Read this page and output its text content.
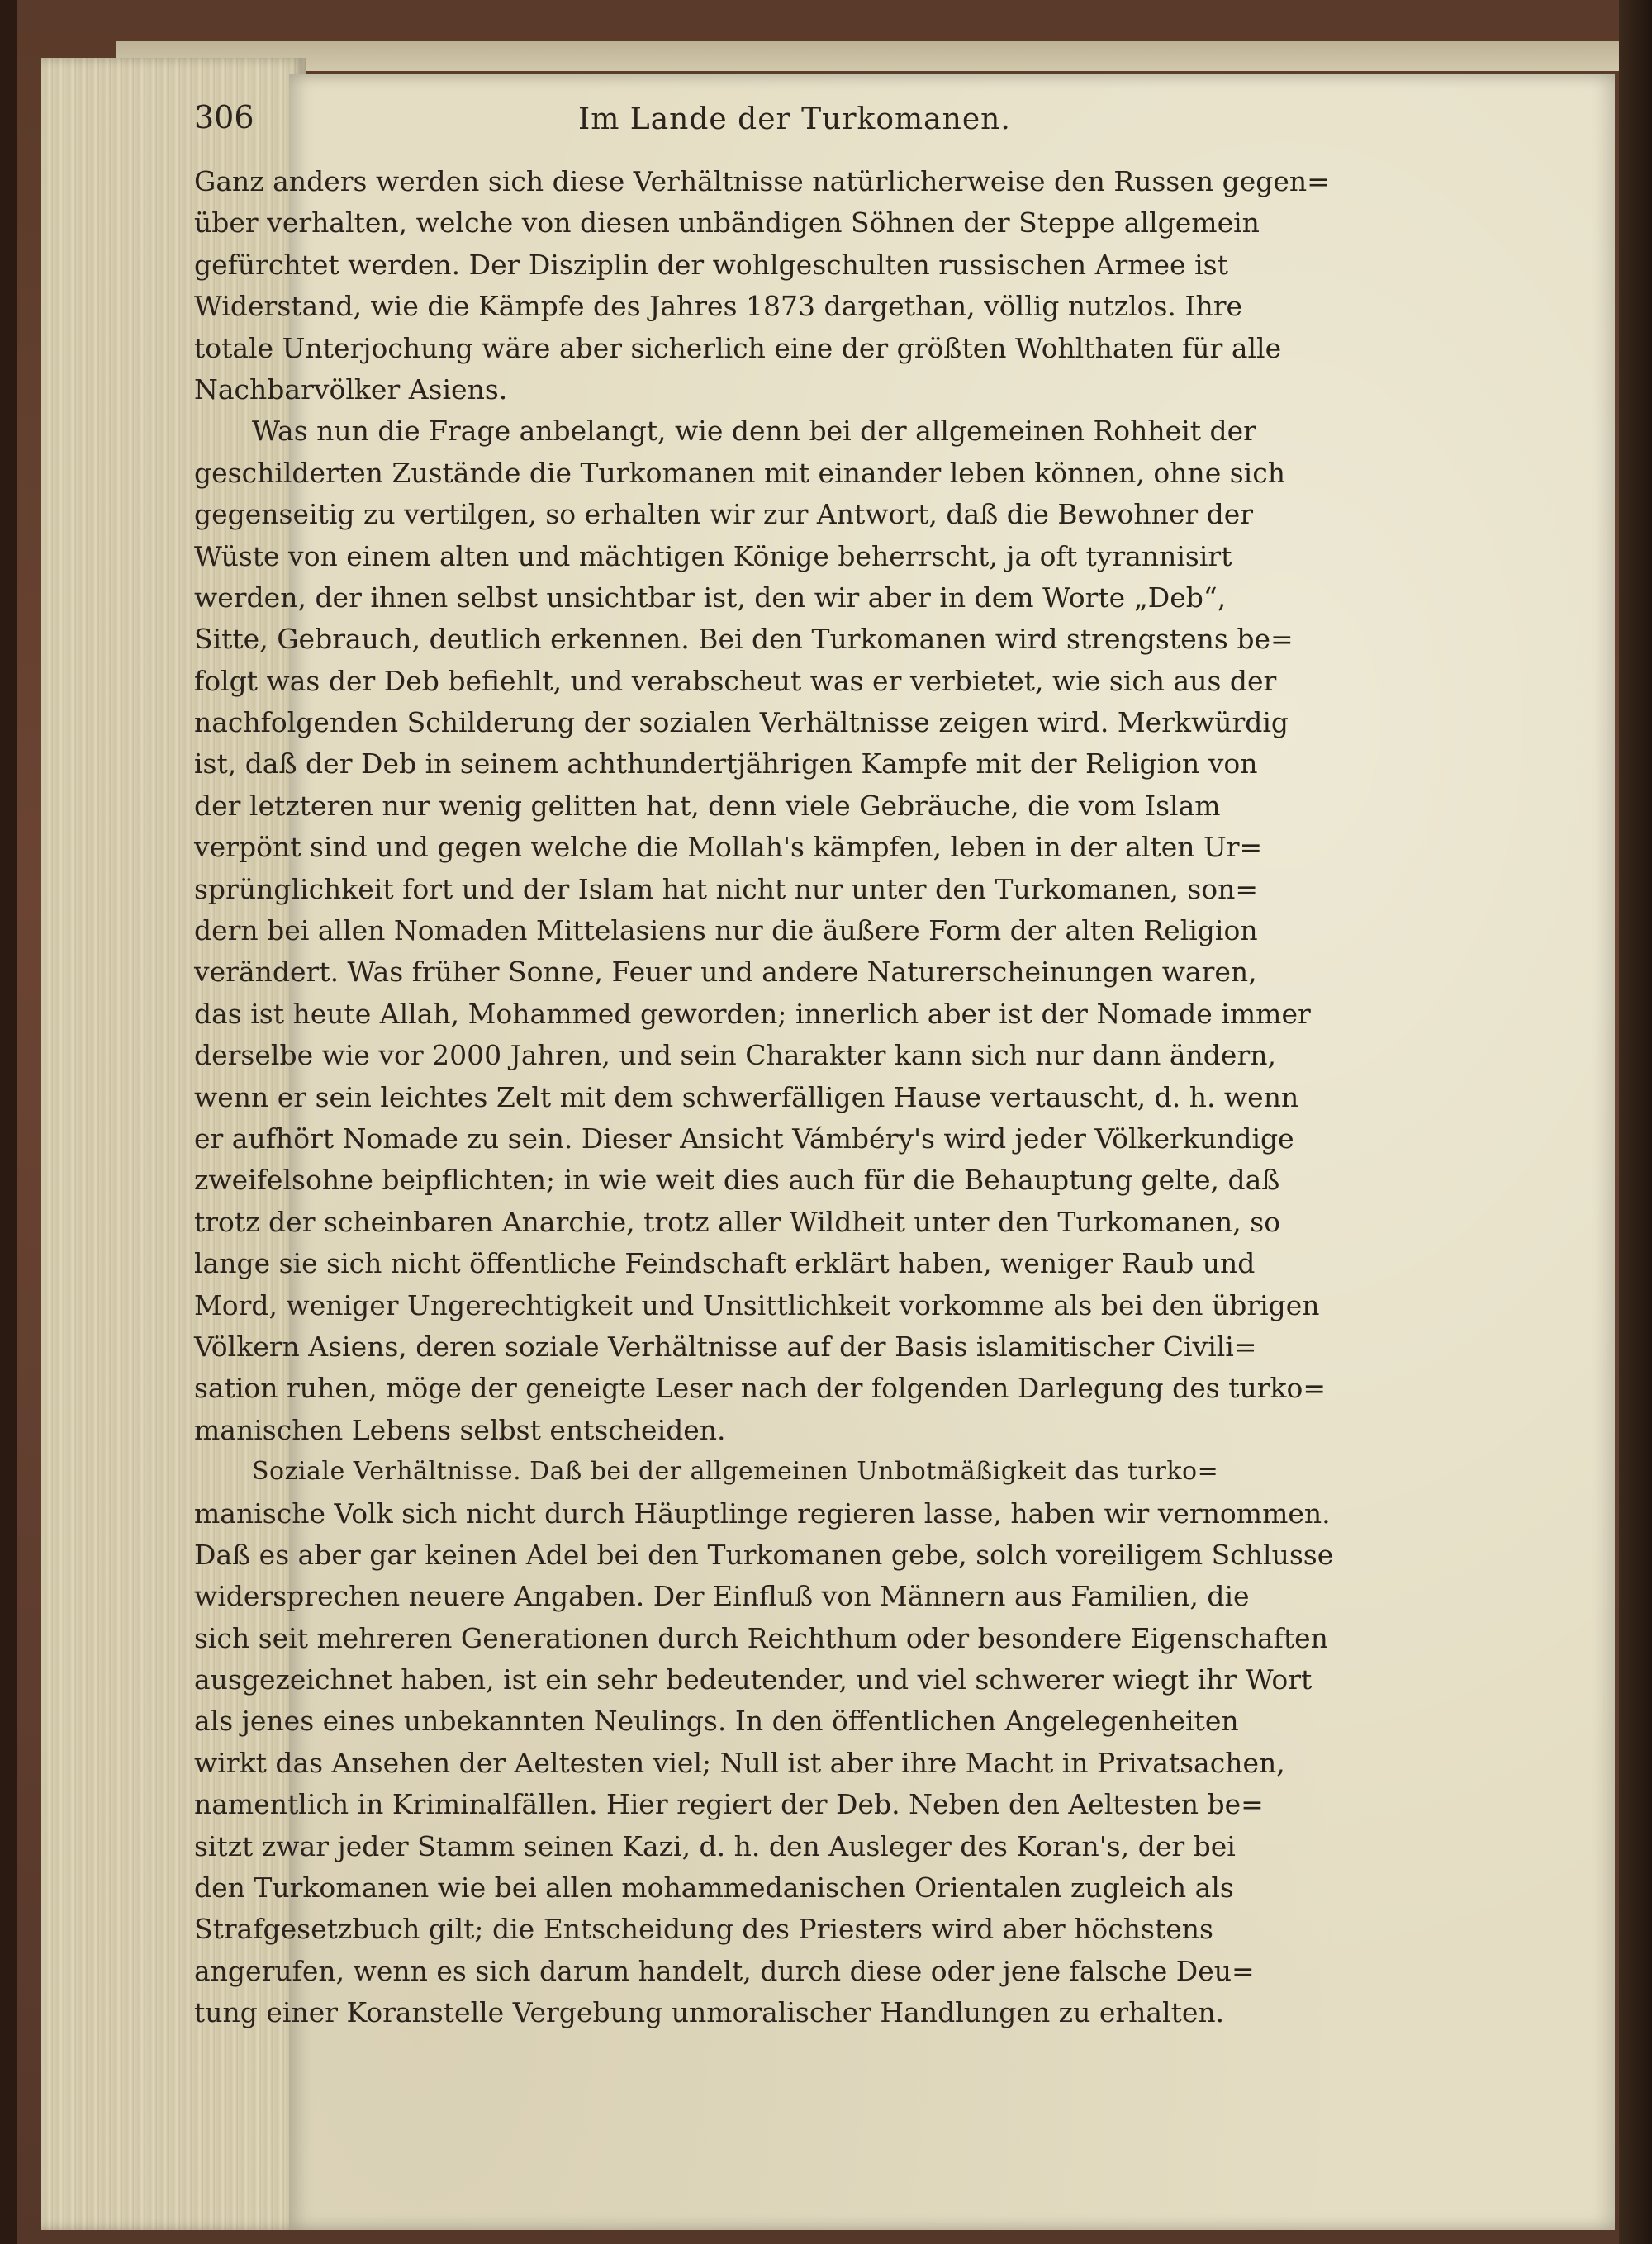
306	Im Lande der Turkomanen.
Ganz anders werden sich diese Verhältnisse natürlicherweise den Russen gegen=
über verhalten, welche von diesen unbändigen Söhnen der Steppe allgemein
gefürchtet werden. Der Disziplin der wohlgeschulten russischen Armee ist
Widerstand, wie die Kämpfe des Jahres 1873 dargethan, völlig nutzlos. Ihre
totale Unterjochung wäre aber sicherlich eine der größten Wohlthaten für alle
Nachbarvölker Asiens.
Was nun die Frage anbelangt, wie denn bei der allgemeinen Rohheit der
geschilderten Zustände die Turkomanen mit einander leben können, ohne sich
gegenseitig zu vertilgen, so erhalten wir zur Antwort, daß die Bewohner der
Wüste von einem alten und mächtigen Könige beherrscht, ja oft tyrannisirt
werden, der ihnen selbst unsichtbar ist, den wir aber in dem Worte „Deb“,
Sitte, Gebrauch, deutlich erkennen. Bei den Turkomanen wird strengstens be=
folgt was der Deb befiehlt, und verabscheut was er verbietet, wie sich aus der
nachfolgenden Schilderung der sozialen Verhältnisse zeigen wird. Merkwürdig
ist, daß der Deb in seinem achthundertjährigen Kampfe mit der Religion von
der letzteren nur wenig gelitten hat, denn viele Gebräuche, die vom Islam
verpönt sind und gegen welche die Mollah's kämpfen, leben in der alten Ur=
sprünglichkeit fort und der Islam hat nicht nur unter den Turkomanen, son=
dern bei allen Nomaden Mittelasiens nur die äußere Form der alten Religion
verändert. Was früher Sonne, Feuer und andere Naturerscheinungen waren,
das ist heute Allah, Mohammed geworden; innerlich aber ist der Nomade immer
derselbe wie vor 2000 Jahren, und sein Charakter kann sich nur dann ändern,
wenn er sein leichtes Zelt mit dem schwerfälligen Hause vertauscht, d. h. wenn
er aufhört Nomade zu sein. Dieser Ansicht Vámbéry's wird jeder Völkerkundige
zweifelsohne beipflichten; in wie weit dies auch für die Behauptung gelte, daß
trotz der scheinbaren Anarchie, trotz aller Wildheit unter den Turkomanen, so
lange sie sich nicht öffentliche Feindschaft erklärt haben, weniger Raub und
Mord, weniger Ungerechtigkeit und Unsittlichkeit vorkomme als bei den übrigen
Völkern Asiens, deren soziale Verhältnisse auf der Basis islamitischer Civili=
sation ruhen, möge der geneigte Leser nach der folgenden Darlegung des turko=
manischen Lebens selbst entscheiden.
Soziale Verhältnisse. Daß bei der allgemeinen Unbotmäßigkeit das turko=
manische Volk sich nicht durch Häuptlinge regieren lasse, haben wir vernommen.
Daß es aber gar keinen Adel bei den Turkomanen gebe, solch voreiligem Schlusse
widersprechen neuere Angaben. Der Einfluß von Männern aus Familien, die
sich seit mehreren Generationen durch Reichthum oder besondere Eigenschaften
ausgezeichnet haben, ist ein sehr bedeutender, und viel schwerer wiegt ihr Wort
als jenes eines unbekannten Neulings. In den öffentlichen Angelegenheiten
wirkt das Ansehen der Aeltesten viel; Null ist aber ihre Macht in Privatsachen,
namentlich in Kriminalfällen. Hier regiert der Deb. Neben den Aeltesten be=
sitzt zwar jeder Stamm seinen Kazi, d. h. den Ausleger des Koran's, der bei
den Turkomanen wie bei allen mohammedanischen Orientalen zugleich als
Strafgesetzbuch gilt; die Entscheidung des Priesters wird aber höchstens
angerufen, wenn es sich darum handelt, durch diese oder jene falsche Deu=
tung einer Koranstelle Vergebung unmoralischer Handlungen zu erhalten.
